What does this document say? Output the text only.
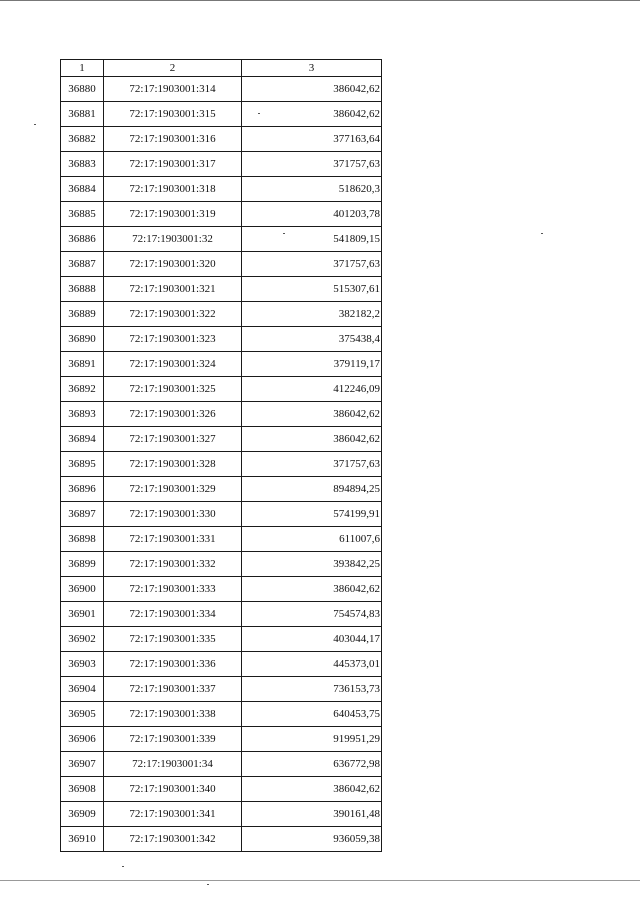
1	2	3
36880	72:17:1903001:314	386042,62
36881	72:17:1903001:315	386042,62
36882	72:17:1903001:316	377163,64
36883	72:17:1903001:317	371757,63
36884	72:17:1903001:318	518620,3
36885	72:17:1903001:319	401203,78
36886	72:17:1903001:32	541809,15
36887	72:17:1903001:320	371757,63
36888	72:17:1903001:321	515307,61
36889	72:17:1903001:322	382182,2
36890	72:17:1903001:323	375438,4
36891	72:17:1903001:324	379119,17
36892	72:17:1903001:325	412246,09
36893	72:17:1903001:326	386042,62
36894	72:17:1903001:327	386042,62
36895	72:17:1903001:328	371757,63
36896	72:17:1903001:329	894894,25
36897	72:17:1903001:330	574199,91
36898	72:17:1903001:331	611007,6
36899	72:17:1903001:332	393842,25
36900	72:17:1903001:333	386042,62
36901	72:17:1903001:334	754574,83
36902	72:17:1903001:335	403044,17
36903	72:17:1903001:336	445373,01
36904	72:17:1903001:337	736153,73
36905	72:17:1903001:338	640453,75
36906	72:17:1903001:339	919951,29
36907	72:17:1903001:34	636772,98
36908	72:17:1903001:340	386042,62
36909	72:17:1903001:341	390161,48
36910	72:17:1903001:342	936059,38
